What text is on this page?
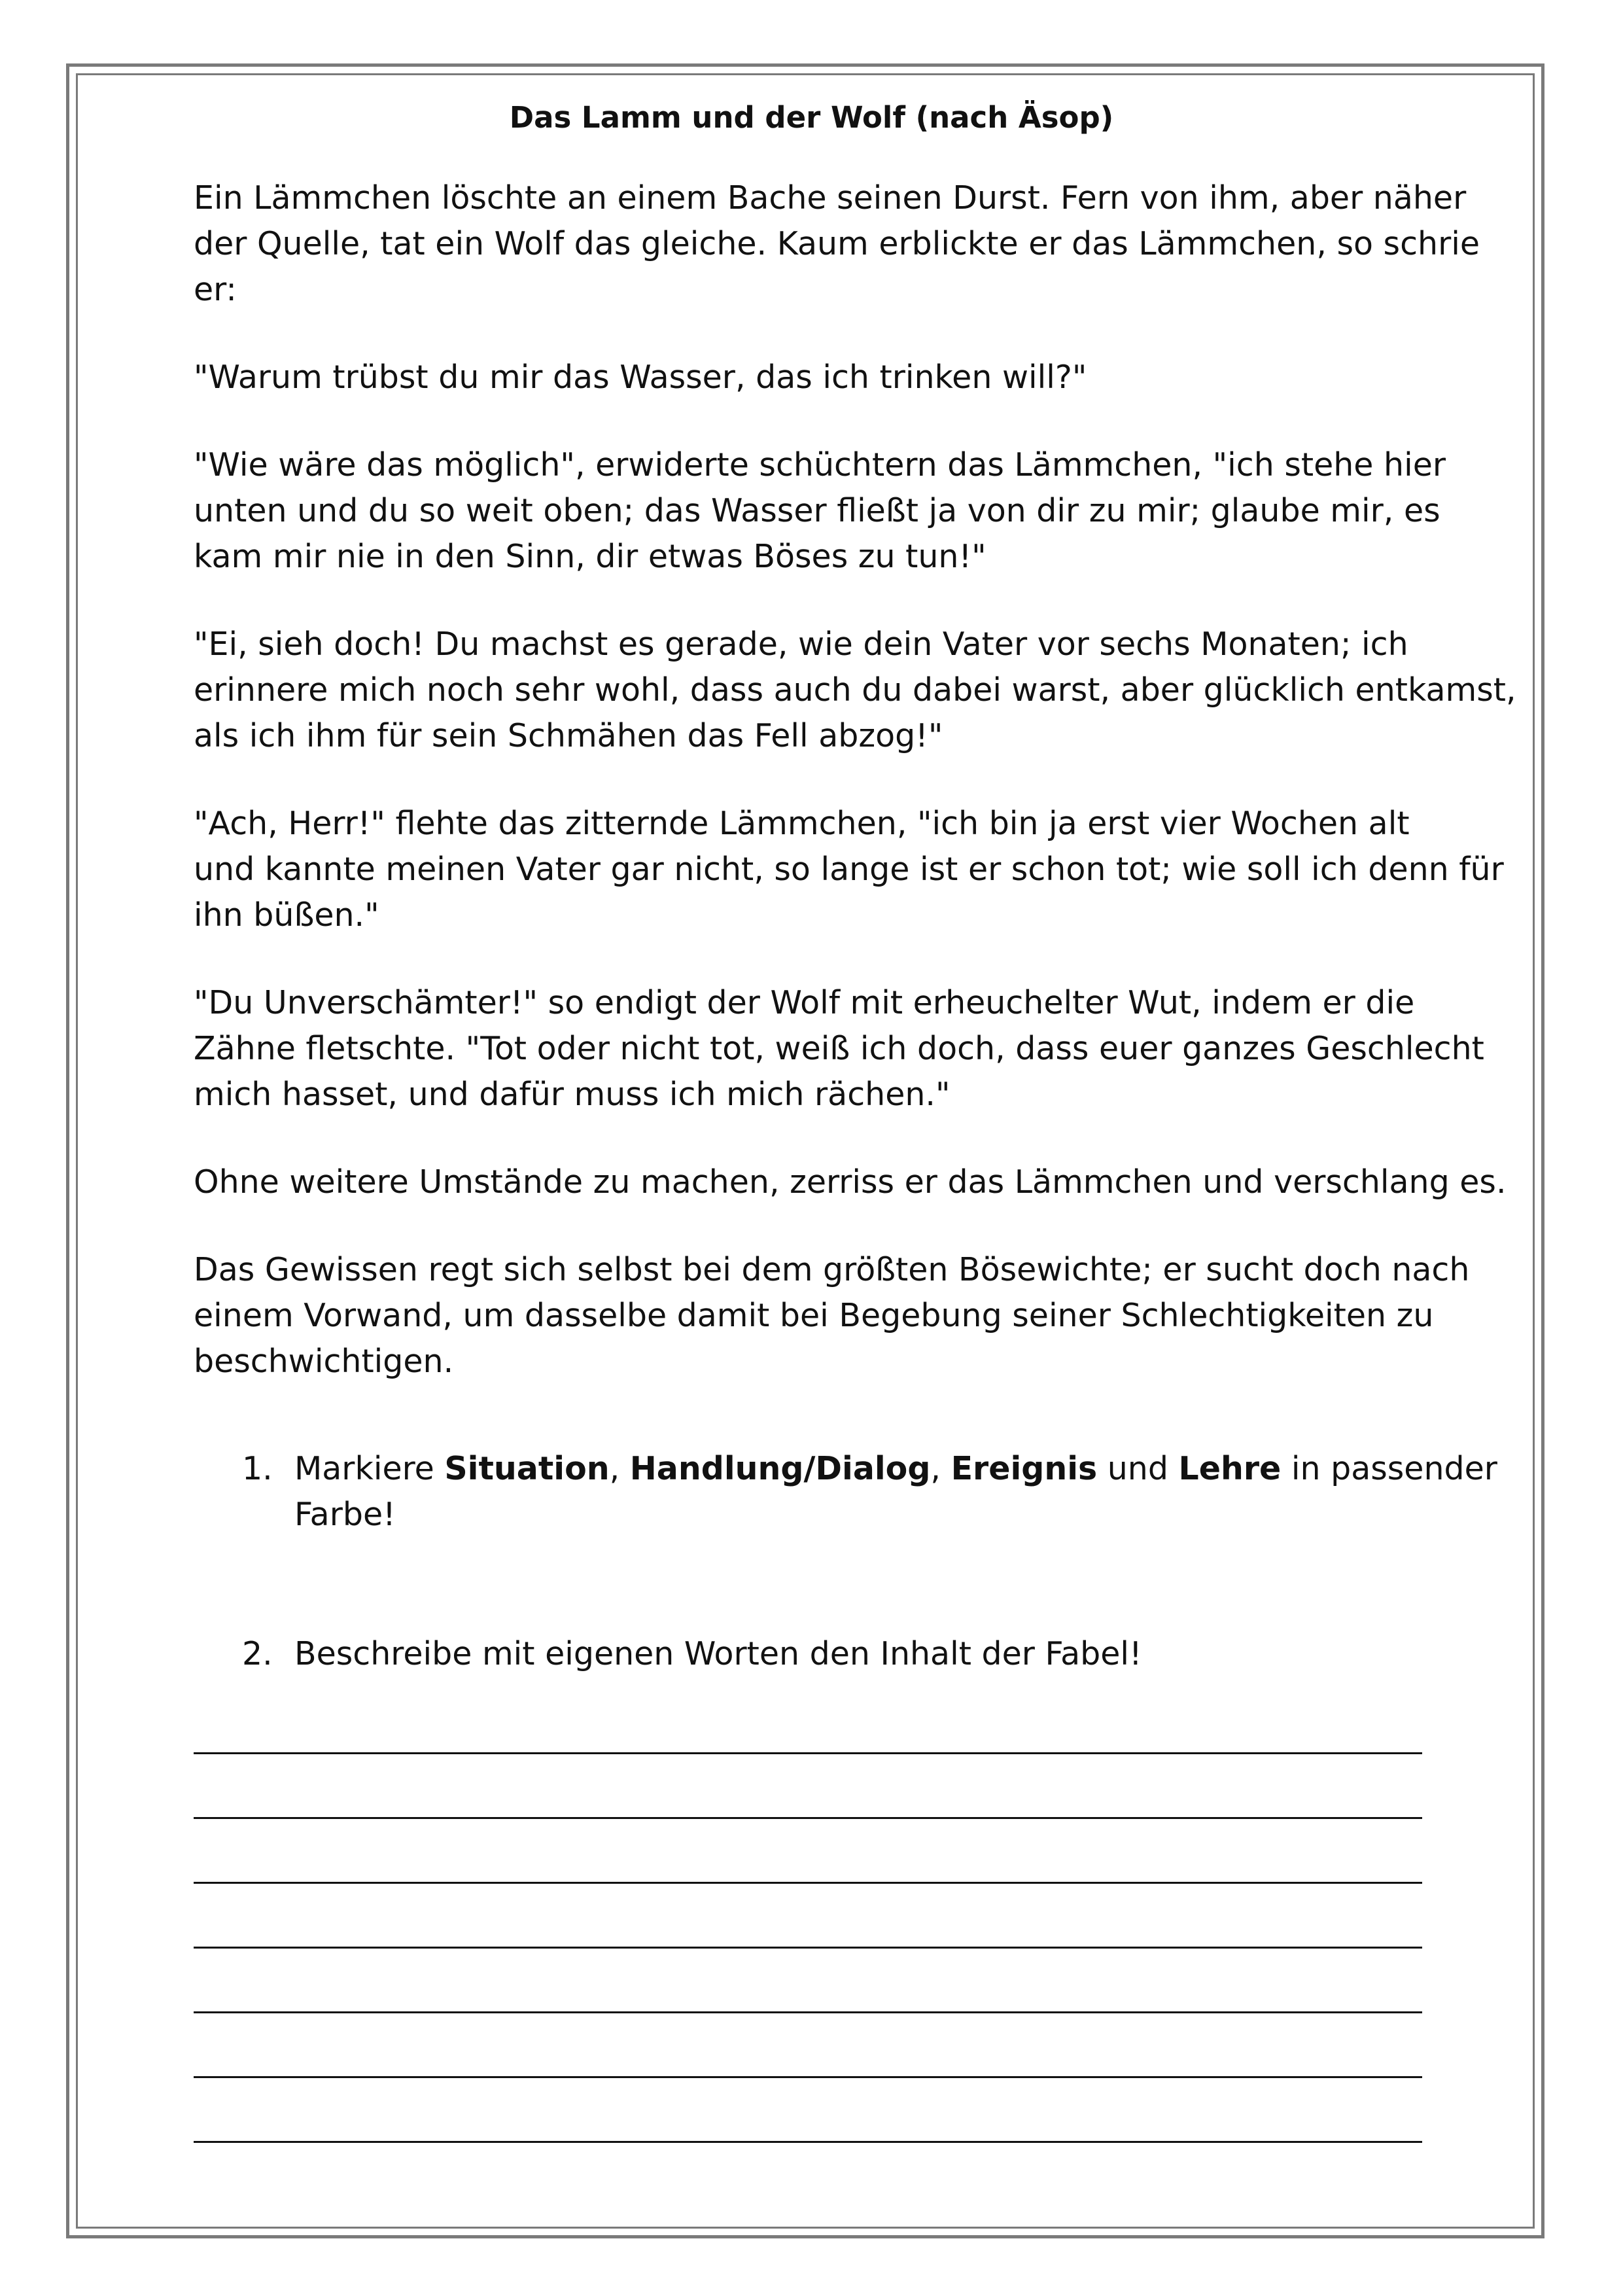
Das Lamm und der Wolf (nach Äsop)

Ein Lämmchen löschte an einem Bache seinen Durst. Fern von ihm, aber näher
der Quelle, tat ein Wolf das gleiche. Kaum erblickte er das Lämmchen, so schrie
er:

"Warum trübst du mir das Wasser, das ich trinken will?"

"Wie wäre das möglich", erwiderte schüchtern das Lämmchen, "ich stehe hier
unten und du so weit oben; das Wasser fließt ja von dir zu mir; glaube mir, es
kam mir nie in den Sinn, dir etwas Böses zu tun!"

"Ei, sieh doch! Du machst es gerade, wie dein Vater vor sechs Monaten; ich
erinnere mich noch sehr wohl, dass auch du dabei warst, aber glücklich entkamst,
als ich ihm für sein Schmähen das Fell abzog!"

"Ach, Herr!" flehte das zitternde Lämmchen, "ich bin ja erst vier Wochen alt
und kannte meinen Vater gar nicht, so lange ist er schon tot; wie soll ich denn für
ihn büßen."

"Du Unverschämter!" so endigt der Wolf mit erheuchelter Wut, indem er die
Zähne fletschte. "Tot oder nicht tot, weiß ich doch, dass euer ganzes Geschlecht
mich hasset, und dafür muss ich mich rächen."

Ohne weitere Umstände zu machen, zerriss er das Lämmchen und verschlang es.

Das Gewissen regt sich selbst bei dem größten Bösewichte; er sucht doch nach
einem Vorwand, um dasselbe damit bei Begebung seiner Schlechtigkeiten zu
beschwichtigen.

1. Markiere Situation, Handlung/Dialog, Ereignis und Lehre in passender
Farbe!
2. Beschreibe mit eigenen Worten den Inhalt der Fabel!
